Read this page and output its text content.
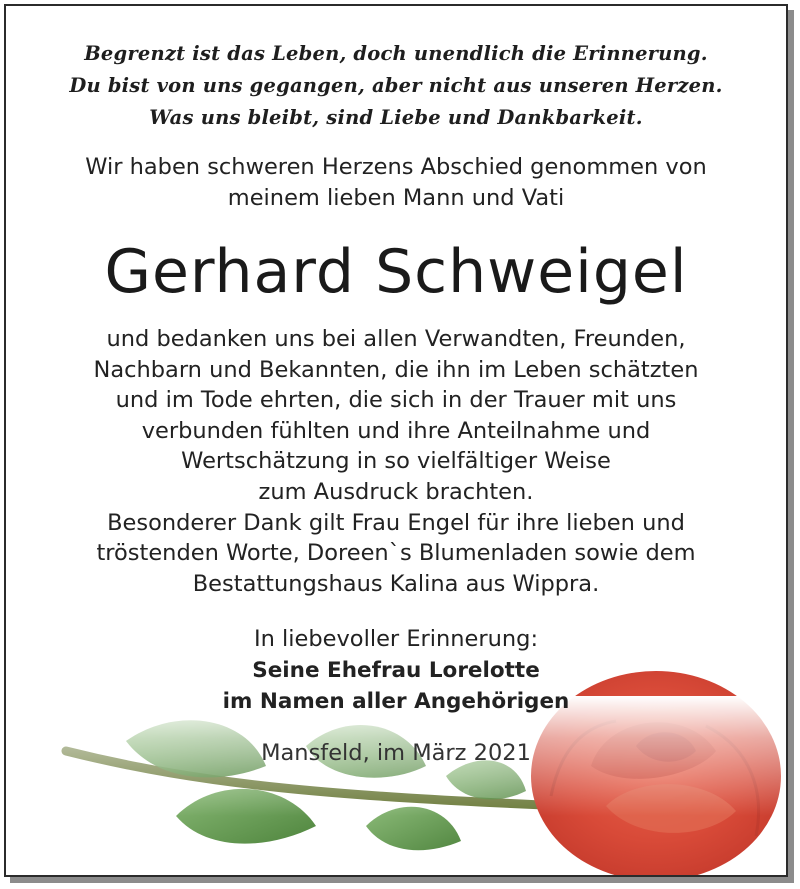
Begrenzt ist das Leben, doch unendlich die Erinnerung.
Du bist von uns gegangen, aber nicht aus unseren Herzen.
Was uns bleibt, sind Liebe und Dankbarkeit.
Wir haben schweren Herzens Abschied genommen von
meinem lieben Mann und Vati
Gerhard Schweigel
und bedanken uns bei allen Verwandten, Freunden,
Nachbarn und Bekannten, die ihn im Leben schätzten
und im Tode ehrten, die sich in der Trauer mit uns
verbunden fühlten und ihre Anteilnahme und
Wertschätzung in so vielfältiger Weise
zum Ausdruck brachten.
Besonderer Dank gilt Frau Engel für ihre lieben und
tröstenden Worte, Doreen`s Blumenladen sowie dem
Bestattungshaus Kalina aus Wippra.
In liebevoller Erinnerung:
Seine Ehefrau Lorelotte
im Namen aller Angehörigen
Mansfeld, im März 2021
